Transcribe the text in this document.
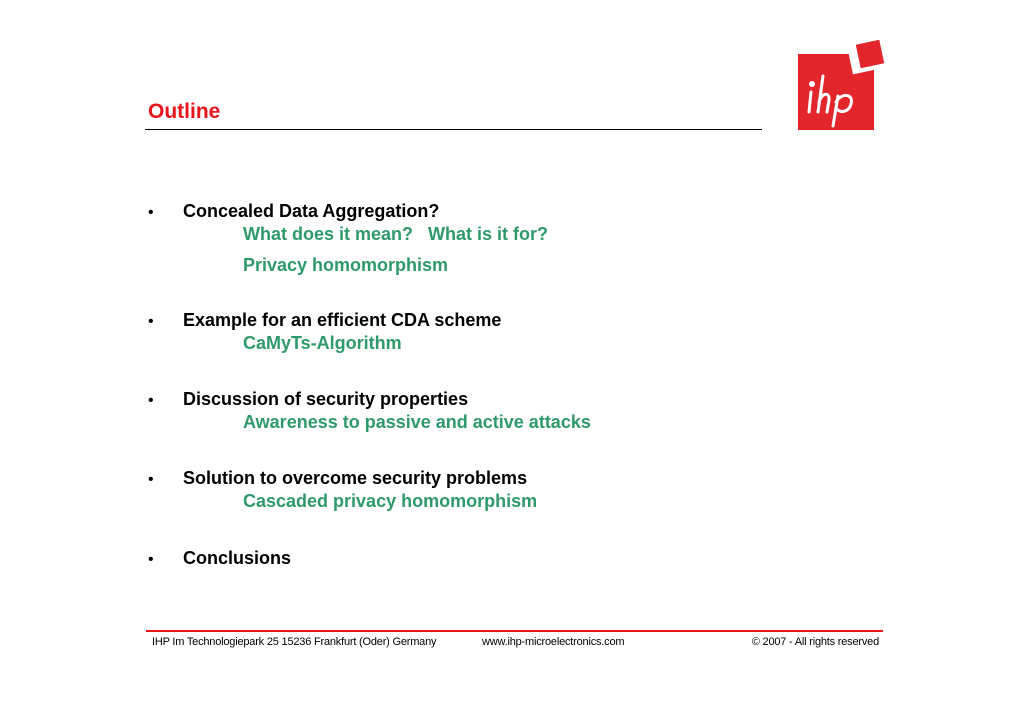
Outline
•	Concealed Data Aggregation?
What does it mean?   What is it for?
Privacy homomorphism
•	Example for an efficient CDA scheme
CaMyTs-Algorithm
•	Discussion of security properties
Awareness to passive and active attacks
•	Solution to overcome security problems
Cascaded privacy homomorphism
•	Conclusions
IHP Im Technologiepark 25 15236 Frankfurt (Oder) Germany	www.ihp-microelectronics.com	© 2007 - All rights reserved
